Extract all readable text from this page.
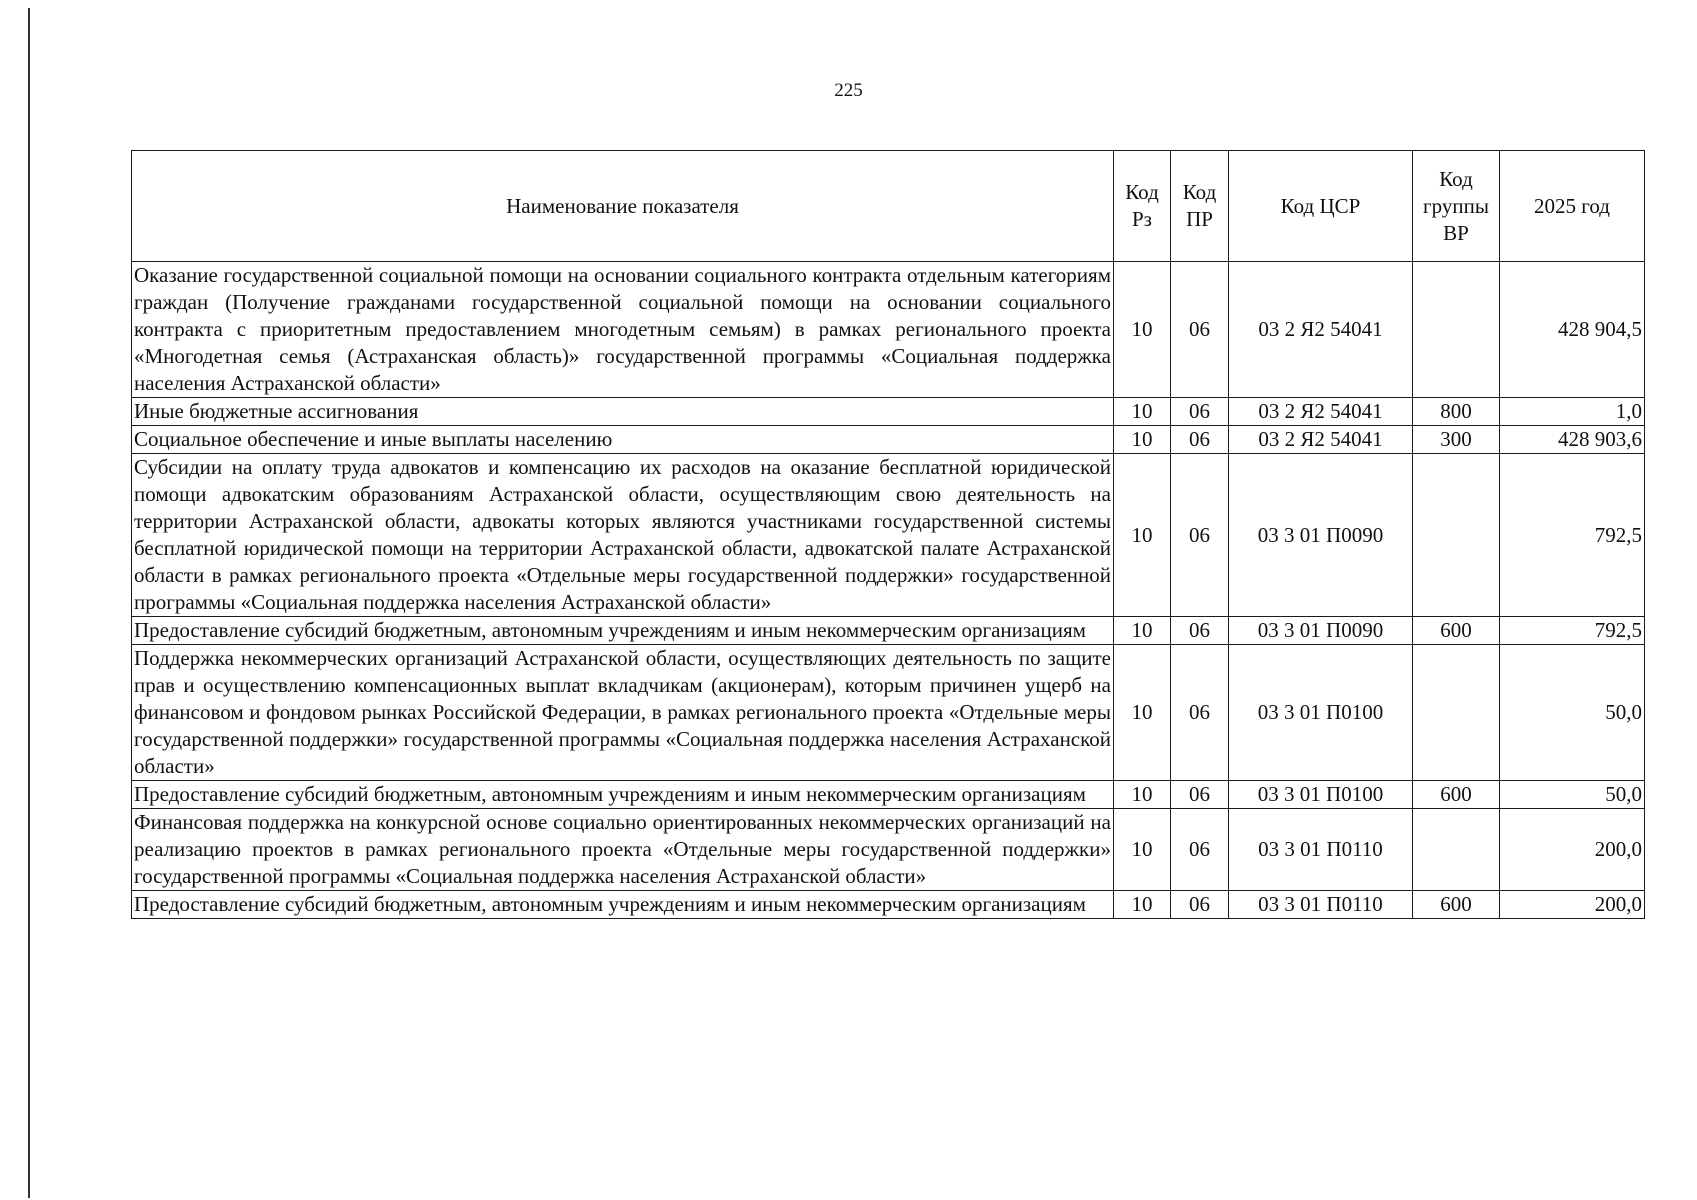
225
Наименование показателя	Код Рз	Код ПР	Код ЦСР	Код группы ВР	2025 год
Оказание государственной социальной помощи на основании социального контракта отдельным категориям граждан (Получение гражданами государственной социальной помощи на основании социального контракта с приоритетным предоставлением многодетным семьям) в рамках регионального проекта «Многодетная семья (Астраханская область)» государственной программы «Социальная поддержка населения Астраханской области»	10	06	03 2 Я2 54041		428 904,5
Иные бюджетные ассигнования	10	06	03 2 Я2 54041	800	1,0
Социальное обеспечение и иные выплаты населению	10	06	03 2 Я2 54041	300	428 903,6
Субсидии на оплату труда адвокатов и компенсацию их расходов на оказание бесплатной юридической помощи адвокатским образованиям Астраханской области, осуществляющим свою деятельность на территории Астраханской области, адвокаты которых являются участниками государственной системы бесплатной юридической помощи на территории Астраханской области, адвокатской палате Астраханской области в рамках регионального проекта «Отдельные меры государственной поддержки» государственной программы «Социальная поддержка населения Астраханской области»	10	06	03 3 01 П0090		792,5
Предоставление субсидий бюджетным, автономным учреждениям и иным некоммерческим организациям	10	06	03 3 01 П0090	600	792,5
Поддержка некоммерческих организаций Астраханской области, осуществляющих деятельность по защите прав и осуществлению компенсационных выплат вкладчикам (акционерам), которым причинен ущерб на финансовом и фондовом рынках Российской Федерации, в рамках регионального проекта «Отдельные меры государственной поддержки» государственной программы «Социальная поддержка населения Астраханской области»	10	06	03 3 01 П0100		50,0
Предоставление субсидий бюджетным, автономным учреждениям и иным некоммерческим организациям	10	06	03 3 01 П0100	600	50,0
Финансовая поддержка на конкурсной основе социально ориентированных некоммерческих организаций на реализацию проектов в рамках регионального проекта «Отдельные меры государственной поддержки» государственной программы «Социальная поддержка населения Астраханской области»	10	06	03 3 01 П0110		200,0
Предоставление субсидий бюджетным, автономным учреждениям и иным некоммерческим организациям	10	06	03 3 01 П0110	600	200,0
